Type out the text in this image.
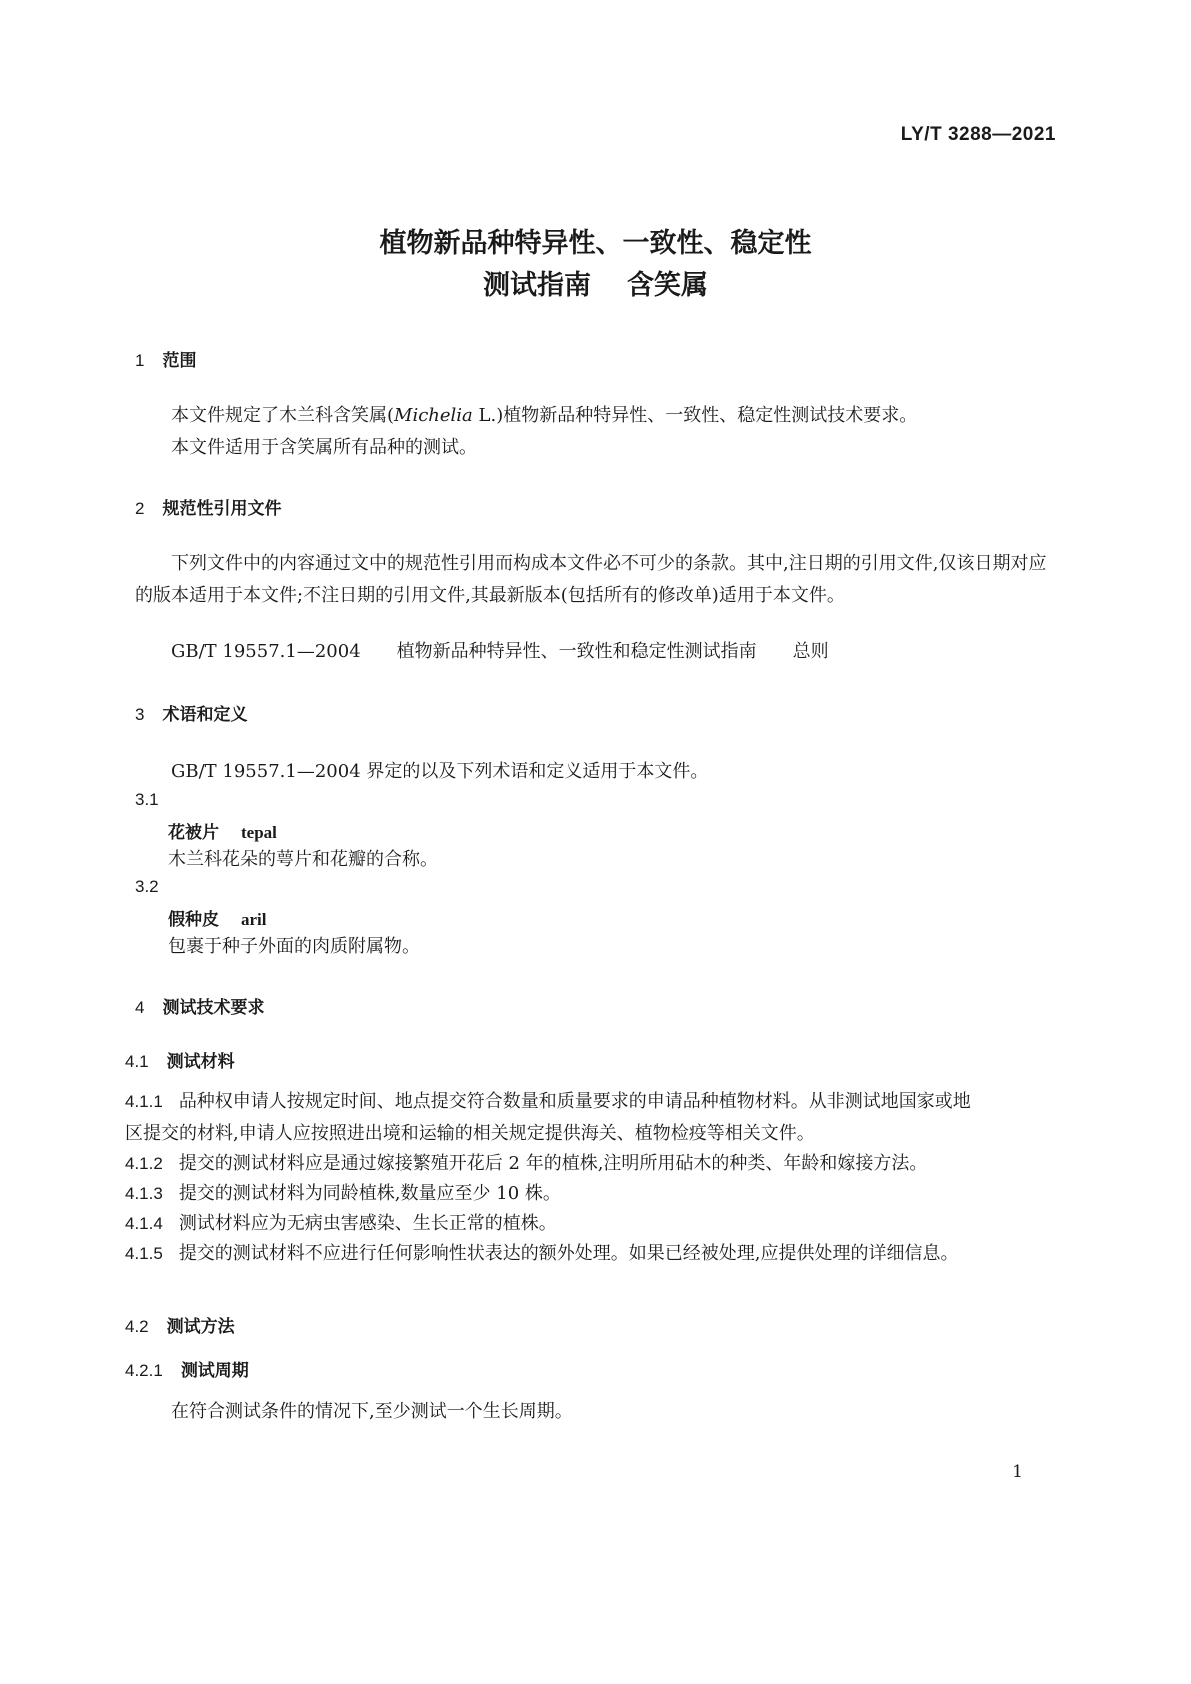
LY/T 3288—2021
植物新品种特异性、一致性、稳定性
测试指南 含笑属
1 范围
本文件规定了木兰科含笑属(Michelia L.)植物新品种特异性、一致性、稳定性测试技术要求。
本文件适用于含笑属所有品种的测试。
2 规范性引用文件
下列文件中的内容通过文中的规范性引用而构成本文件必不可少的条款。其中,注日期的引用文件,仅该日期对应的版本适用于本文件;不注日期的引用文件,其最新版本(包括所有的修改单)适用于本文件。
GB/T 19557.1—2004 植物新品种特异性、一致性和稳定性测试指南 总则
3 术语和定义
GB/T 19557.1—2004 界定的以及下列术语和定义适用于本文件。
3.1
花被片 tepal
木兰科花朵的萼片和花瓣的合称。
3.2
假种皮 aril
包裹于种子外面的肉质附属物。
4 测试技术要求
4.1 测试材料
4.1.1 品种权申请人按规定时间、地点提交符合数量和质量要求的申请品种植物材料。从非测试地国家或地区提交的材料,申请人应按照进出境和运输的相关规定提供海关、植物检疫等相关文件。
4.1.2 提交的测试材料应是通过嫁接繁殖开花后 2 年的植株,注明所用砧木的种类、年龄和嫁接方法。
4.1.3 提交的测试材料为同龄植株,数量应至少 10 株。
4.1.4 测试材料应为无病虫害感染、生长正常的植株。
4.1.5 提交的测试材料不应进行任何影响性状表达的额外处理。如果已经被处理,应提供处理的详细信息。
4.2 测试方法
4.2.1 测试周期
在符合测试条件的情况下,至少测试一个生长周期。
1
